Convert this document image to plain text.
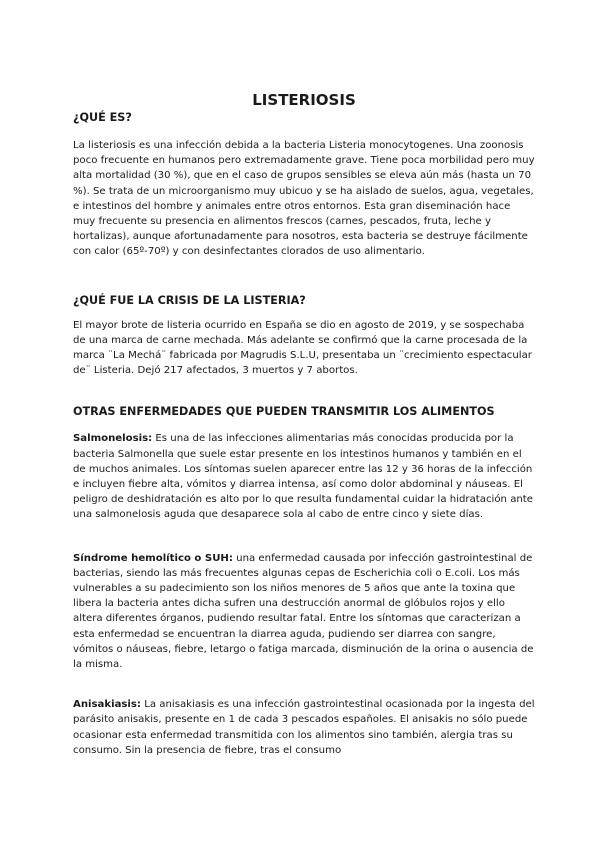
LISTERIOSIS
¿QUÉ ES?

La listeriosis es una infección debida a la bacteria Listeria monocytogenes. Una zoonosis poco frecuente en humanos pero extremadamente grave. Tiene poca morbilidad pero muy alta mortalidad (30 %), que en el caso de grupos sensibles se eleva aún más (hasta un 70 %). Se trata de un microorganismo muy ubicuo y se ha aislado de suelos, agua, vegetales, e intestinos del hombre y animales entre otros entornos. Esta gran diseminación hace muy frecuente su presencia en alimentos frescos (carnes, pescados, fruta, leche y hortalizas), aunque afortunadamente para nosotros, esta bacteria se destruye fácilmente con calor (65º-70º) y con desinfectantes clorados de uso alimentario.

¿QUÉ FUE LA CRISIS DE LA LISTERIA?

El mayor brote de listeria ocurrido en España se dio en agosto de 2019, y se sospechaba de una marca de carne mechada. Más adelante se confirmó que la carne procesada de la marca ¨La Mechá¨ fabricada por Magrudis S.L.U, presentaba un ¨crecimiento espectacular de¨ Listeria. Dejó 217 afectados, 3 muertos y 7 abortos.

OTRAS ENFERMEDADES QUE PUEDEN TRANSMITIR LOS ALIMENTOS

Salmonelosis: Es una de las infecciones alimentarias más conocidas producida por la bacteria Salmonella que suele estar presente en los intestinos humanos y también en el de muchos animales. Los síntomas suelen aparecer entre las 12 y 36 horas de la infección e incluyen fiebre alta, vómitos y diarrea intensa, así como dolor abdominal y náuseas. El peligro de deshidratación es alto por lo que resulta fundamental cuidar la hidratación ante una salmonelosis aguda que desaparece sola al cabo de entre cinco y siete días.

Síndrome hemolítico o SUH: una enfermedad causada por infección gastrointestinal de bacterias, siendo las más frecuentes algunas cepas de Escherichia coli o E.coli. Los más vulnerables a su padecimiento son los niños menores de 5 años que ante la toxina que libera la bacteria antes dicha sufren una destrucción anormal de glóbulos rojos y ello altera diferentes órganos, pudiendo resultar fatal. Entre los síntomas que caracterizan a esta enfermedad se encuentran la diarrea aguda, pudiendo ser diarrea con sangre, vómitos o náuseas, fiebre, letargo o fatiga marcada, disminución de la orina o ausencia de la misma.

Anisakiasis: La anisakiasis es una infección gastrointestinal ocasionada por la ingesta del parásito anisakis, presente en 1 de cada 3 pescados españoles. El anisakis no sólo puede ocasionar esta enfermedad transmitida con los alimentos sino también, alergia tras su consumo. Sin la presencia de fiebre, tras el consumo
